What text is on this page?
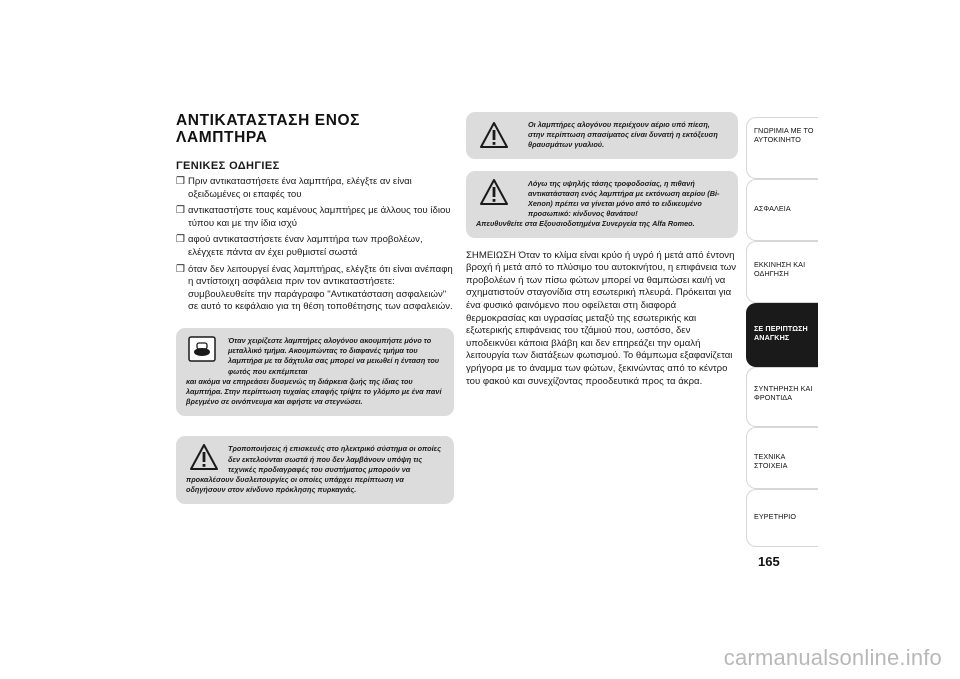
ΑΝΤΙΚΑΤΑΣΤΑΣΗ ΕΝΟΣ
ΛΑΜΠΤΗΡΑ
ΓΕΝΙΚΕΣ ΟΔΗΓΙΕΣ
❒ Πριν αντικαταστήσετε ένα λαμπτήρα, ελέγξτε αν είναι οξειδωμένες οι επαφές του
❒ αντικαταστήστε τους καμένους λαμπτήρες με άλλους του ίδιου τύπου και με την ίδια ισχύ
❒ αφού αντικαταστήσετε έναν λαμπτήρα των προβολέων, ελέγχετε πάντα αν έχει ρυθμιστεί σωστά
❒ όταν δεν λειτουργεί ένας λαμπτήρας, ελέγξτε ότι είναι ανέπαφη η αντίστοιχη ασφάλεια πριν τον αντικαταστήσετε: συμβουλευθείτε την παράγραφο "Αντικατάσταση ασφαλειών" σε αυτό το κεφάλαιο για τη θέση τοποθέτησης των ασφαλειών.
Όταν χειρίζεστε λαμπτήρες αλογόνου ακουμπήστε μόνο το μεταλλικό τμήμα. Ακουμπώντας το διαφανές τμήμα του λαμπτήρα με τα δάχτυλα σας μπορεί να μειωθεί η ένταση του φωτός που εκπέμπεται
και ακόμα να επηρεάσει δυσμενώς τη διάρκεια ζωής της ίδιας του λαμπτήρα. Στην περίπτωση τυχαίας επαφής τρίψτε το γλόμπο με ένα πανί βρεγμένο σε οινόπνευμα και αφήστε να στεγνώσει.
Τροποποιήσεις ή επισκευές στο ηλεκτρικό σύστημα οι οποίες δεν εκτελούνται σωστά ή που δεν λαμβάνουν υπόψη τις τεχνικές προδιαγραφές του συστήματος μπορούν να
προκαλέσουν δυσλειτουργίες οι οποίες υπάρχει περίπτωση να οδηγήσουν στον κίνδυνο πρόκλησης πυρκαγιάς.
Οι λαμπτήρες αλογόνου περιέχουν αέριο υπό πίεση, στην περίπτωση σπασίματος είναι δυνατή η εκτόξευση θραυσμάτων γυαλιού.
Λόγω της υψηλής τάσης τροφοδοσίας, η πιθανή αντικατάσταση ενός λαμπτήρα με εκτόνωση αερίου (Bi-Xenon) πρέπει να γίνεται μόνο από το ειδικευμένο προσωπικό: κίνδυνος θανάτου!
Απευθυνθείτε στα Εξουσιοδοτημένα Συνεργεία της Alfa Romeo.

ΣΗΜΕΙΩΣΗ Όταν το κλίμα είναι κρύο ή υγρό ή μετά από έντονη βροχή ή μετά από το πλύσιμο του αυτοκινήτου, η επιφάνεια των προβολέων ή των πίσω φώτων μπορεί να θαμπώσει και/ή να σχηματιστούν σταγονίδια στη εσωτερική πλευρά. Πρόκειται για ένα φυσικό φαινόμενο που οφείλεται στη διαφορά θερμοκρασίας και υγρασίας μεταξύ της εσωτερικής και εξωτερικής επιφάνειας του τζάμιού που, ωστόσο, δεν υποδεικνύει κάποια βλάβη και δεν επηρεάζει την ομαλή λειτουργία των διατάξεων φωτισμού. Το θάμπωμα εξαφανίζεται γρήγορα με το άναμμα των φώτων, ξεκινώντας από το κέντρο του φακού και συνεχίζοντας προοδευτικά προς τα άκρα.

ΓΝΩΡΙΜΙΑ ΜΕ ΤΟ
ΑΥΤΟΚΙΝΗΤΟ
ΑΣΦΑΛΕΙΑ
ΕΚΚΙΝΗΣΗ ΚΑΙ
ΟΔΗΓΗΣΗ
ΣΕ ΠΕΡΙΠΤΩΣΗ
ΑΝΑΓΚΗΣ
ΣΥΝΤΗΡΗΣΗ ΚΑΙ
ΦΡΟΝΤΙΔΑ
ΤΕΧΝΙΚΑ ΣΤΟΙΧΕΙΑ
ΕΥΡΕΤΗΡΙΟ
165
carmanualsonline.info
